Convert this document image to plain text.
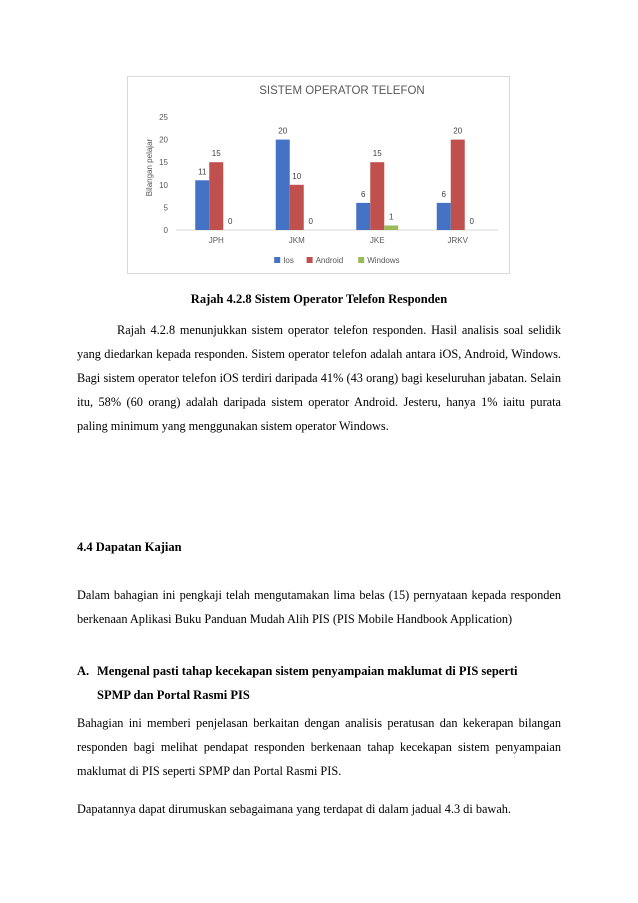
SISTEM OPERATOR TELEFON
0
5
10
15
20
25
Bilangan pelajar
JPH
11
15
0
JKM
20
10
0
JKE
6
15
1
JRKV
6
20
0
Ios	Android	Windows
Rajah 4.2.8 Sistem Operator Telefon Responden

Rajah 4.2.8 menunjukkan sistem operator telefon responden. Hasil analisis soal selidik yang diedarkan kepada responden. Sistem operator telefon adalah antara iOS, Android, Windows. Bagi sistem operator telefon iOS terdiri daripada 41% (43 orang) bagi keseluruhan jabatan. Selain itu, 58% (60 orang) adalah daripada sistem operator Android. Jesteru, hanya 1% iaitu purata paling minimum yang menggunakan sistem operator Windows.

4.4 Dapatan Kajian

Dalam bahagian ini pengkaji telah mengutamakan lima belas (15) pernyataan kepada responden berkenaan Aplikasi Buku Panduan Mudah Alih PIS (PIS Mobile Handbook Application)

A. Mengenal pasti tahap kecekapan sistem penyampaian maklumat di PIS seperti
SPMP dan Portal Rasmi PIS

Bahagian ini memberi penjelasan berkaitan dengan analisis peratusan dan kekerapan bilangan responden bagi melihat pendapat responden berkenaan tahap kecekapan sistem penyampaian maklumat di PIS seperti SPMP dan Portal Rasmi PIS.

Dapatannya dapat dirumuskan sebagaimana yang terdapat di dalam jadual 4.3 di bawah.
